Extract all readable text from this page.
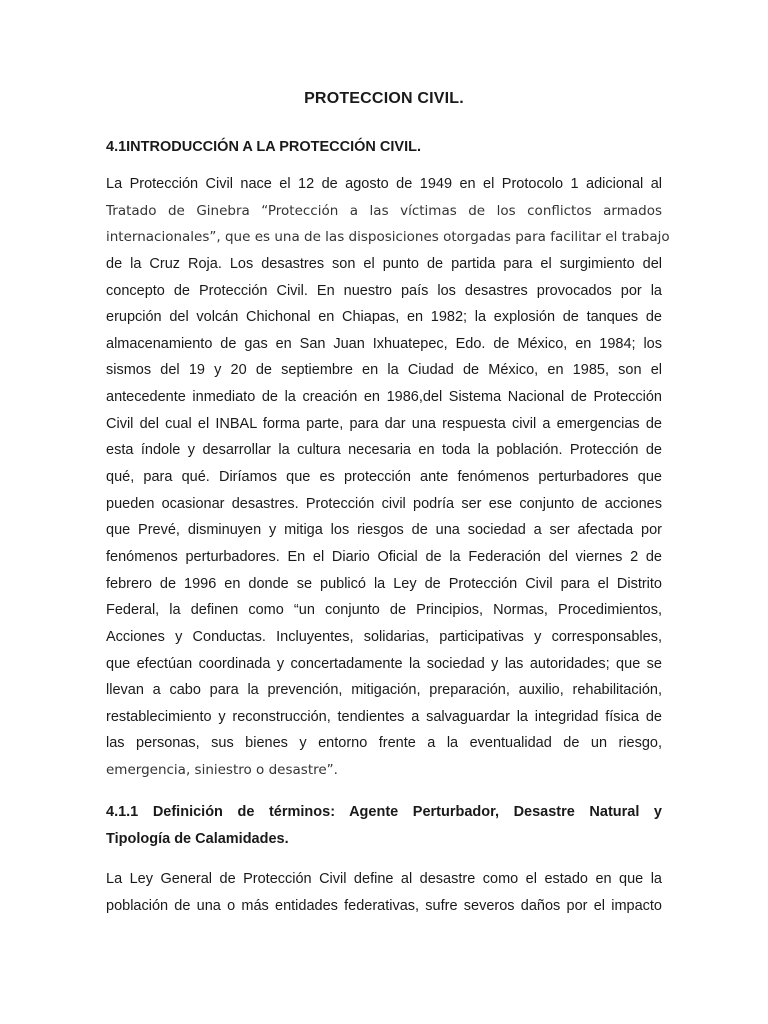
PROTECCION CIVIL.
4.1INTRODUCCIÓN A LA PROTECCIÓN CIVIL.
La Protección Civil nace el 12 de agosto de 1949 en el Protocolo 1 adicional al
Tratado de Ginebra “Protección a las víctimas de los conflictos armados
internacionales”, que es una de las disposiciones otorgadas para facilitar el trabajo
de la Cruz Roja. Los desastres son el punto de partida para el surgimiento del
concepto de Protección Civil. En nuestro país los desastres provocados por la
erupción del volcán Chichonal en Chiapas, en 1982; la explosión de tanques de
almacenamiento de gas en San Juan Ixhuatepec, Edo. de México, en 1984; los
sismos del 19 y 20 de septiembre en la Ciudad de México, en 1985, son el
antecedente inmediato de la creación en 1986,del Sistema Nacional de Protección
Civil del cual el INBAL forma parte, para dar una respuesta civil a emergencias de
esta índole y desarrollar la cultura necesaria en toda la población. Protección de
qué, para qué. Diríamos que es protección ante fenómenos perturbadores que
pueden ocasionar desastres. Protección civil podría ser ese conjunto de acciones
que Prevé, disminuyen y mitiga los riesgos de una sociedad a ser afectada por
fenómenos perturbadores. En el Diario Oficial de la Federación del viernes 2 de
febrero de 1996 en donde se publicó la Ley de Protección Civil para el Distrito
Federal, la definen como “un conjunto de Principios, Normas, Procedimientos,
Acciones y Conductas. Incluyentes, solidarias, participativas y corresponsables,
que efectúan coordinada y concertadamente la sociedad y las autoridades; que se
llevan a cabo para la prevención, mitigación, preparación, auxilio, rehabilitación,
restablecimiento y reconstrucción, tendientes a salvaguardar la integridad física de
las personas, sus bienes y entorno frente a la eventualidad de un riesgo,
emergencia, siniestro o desastre”.
4.1.1 Definición de términos: Agente Perturbador, Desastre Natural y
Tipología de Calamidades.
La Ley General de Protección Civil define al desastre como el estado en que la
población de una o más entidades federativas, sufre severos daños por el impacto
